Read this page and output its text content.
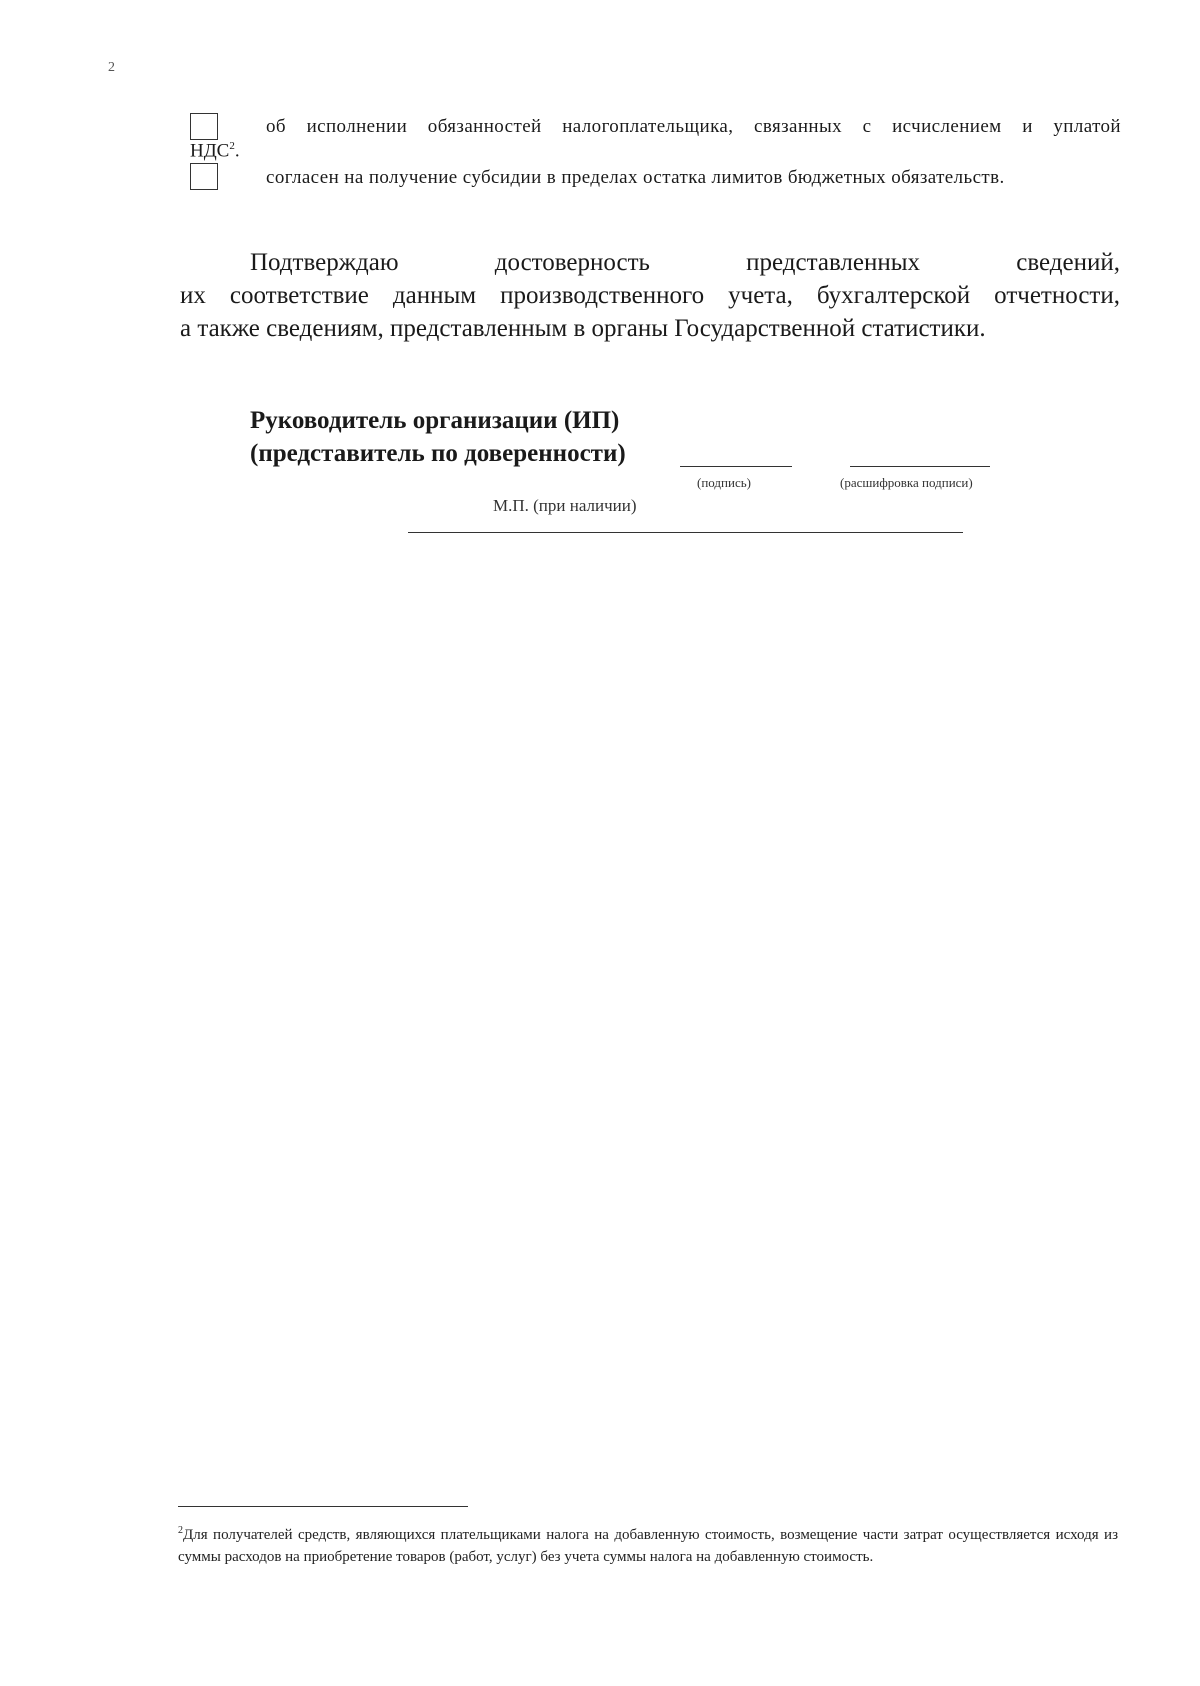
2
об исполнении обязанностей налогоплательщика, связанных с исчислением и уплатой
НДС$^2$.
согласен на получение субсидии в пределах остатка лимитов бюджетных обязательств.
Подтверждаю достоверность представленных сведений,
их соответствие данным производственного учета, бухгалтерской отчетности,
а также сведениям, представленным в органы Государственной статистики.
Руководитель организации (ИП)
(представитель по доверенности)
(подпись)	(расшифровка подписи)
М.П. (при наличии)
$^2$Для получателей средств, являющихся плательщиками налога на добавленную стоимость, возмещение части затрат осуществляется исходя из суммы расходов на приобретение товаров (работ, услуг) без учета суммы налога на добавленную стоимость.
